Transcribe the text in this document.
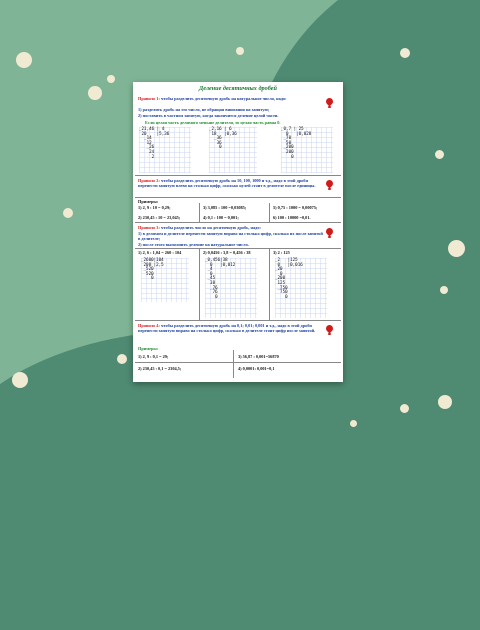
Деление десятичных дробей
Правило 1: чтобы разделить десятичную дробь на натуральное число, надо:
1) разделить дробь на это число, не обращая внимания на запятую;
2) поставить в частном запятую, когда закончится деление целой части.
Если целая часть делимого меньше делителя, то целая часть равна 0.
_21,46 | 4
20    |5,36
_14
12
_26
24
2
_2,16 | 6
18   |0,36
_36
36
0
_0,7 | 25
0   |0,028
_70
50
_200
200
0
Правило 2: чтобы разделить десятичную дробь на 10, 100, 1000 и т.д., надо в этой дроби перенести запятую влево на столько цифр, сколько нулей стоит в делителе после единицы.
Примеры:
1) 2, 9 : 10 = 0,29;	3) 3,085 : 100 =0,03085;	5) 0,75 : 1000 = 0,00075;
2) 230,45 : 10 = 23,045;	4) 0,1 : 100 = 0,001;	6) 100 : 10000 =0,01.
Правило 3: чтобы разделить число на десятичную дробь, надо:
1) в делимом и делителе перенести запятую вправо на столько цифр, сколько их после запятой в делителе;
2) после этого выполнить деление на натуральное число.
1) 2, 6 : 1,04 = 260 : 104	2) 0,0456 : 3,8 = 0,456 : 38	3) 2 : 125
_2600|104
208 |2,5
_520
520
0
_0,456|38
0   |0,012
_4
0
_45
38
_76
76
0
_2   |125
0   |0,016
_20
0
_200
125
_750
750
0
Правило 4: чтобы разделить десятичную дробь на 0,1; 0,01; 0,001 и т.д., надо в этой дроби перенести запятую вправо на столько цифр, сколько в делителе стоит цифр после запятой.
Примеры:
1) 2, 9 : 0,1 = 29;	3) 56,87 : 0,001=56870
2) 230,45 : 0,1 = 2304,5;	4) 0,0001: 0,001=0,1
